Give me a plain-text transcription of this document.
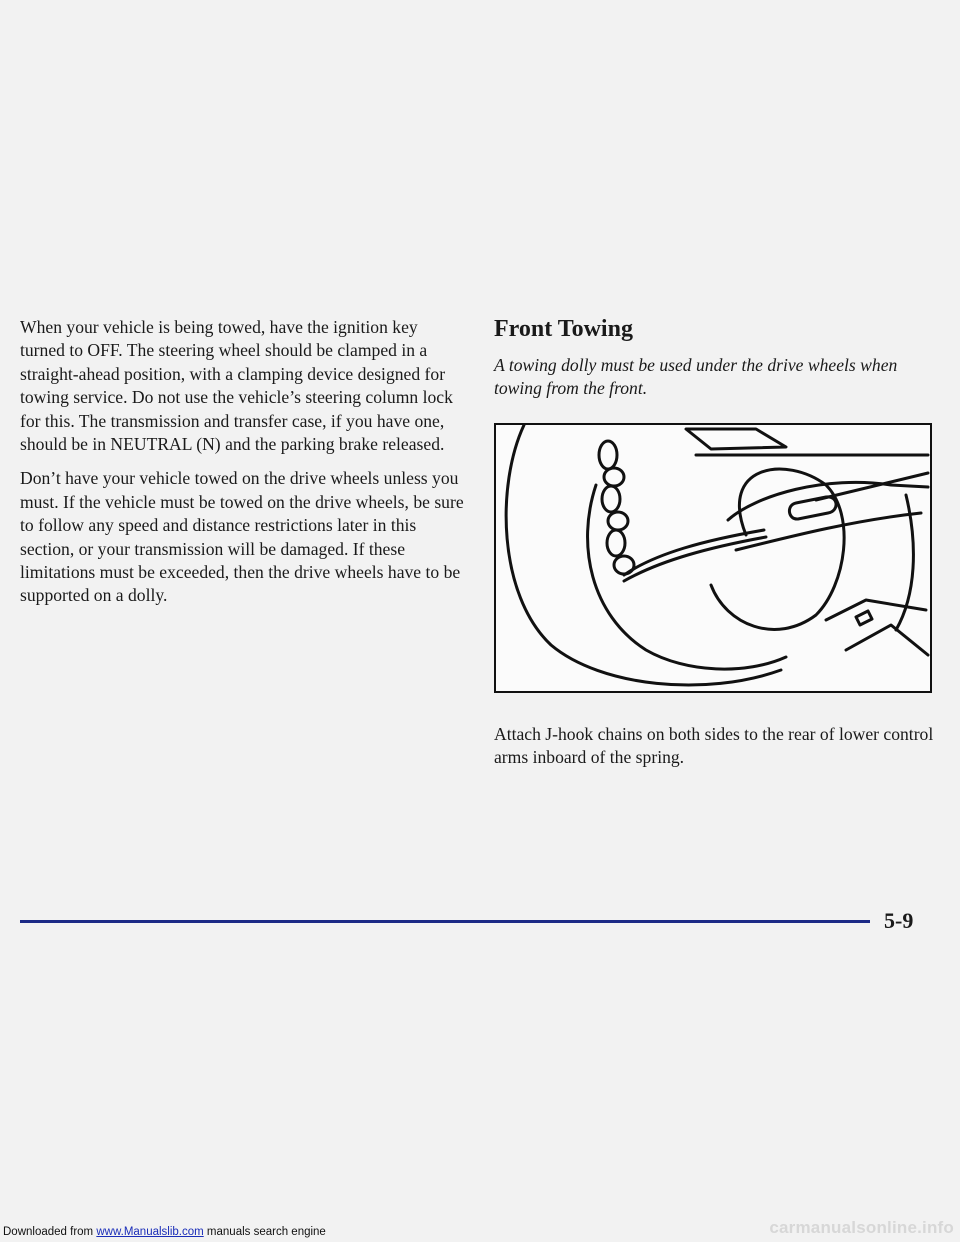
When your vehicle is being towed, have the ignition key turned to OFF. The steering wheel should be clamped in a straight-ahead position, with a clamping device designed for towing service. Do not use the vehicle’s steering column lock for this. The transmission and transfer case, if you have one, should be in NEUTRAL (N) and the parking brake released.

Don’t have your vehicle towed on the drive wheels unless you must. If the vehicle must be towed on the drive wheels, be sure to follow any speed and distance restrictions later in this section, or your transmission will be damaged. If these limitations must be exceeded, then the drive wheels have to be supported on a dolly.

Front Towing

A towing dolly must be used under the drive wheels when towing from the front.

Attach J-hook chains on both sides to the rear of lower control arms inboard of the spring.

5-9
Downloaded from www.Manualslib.com manuals search engine	carmanualsonline.info
